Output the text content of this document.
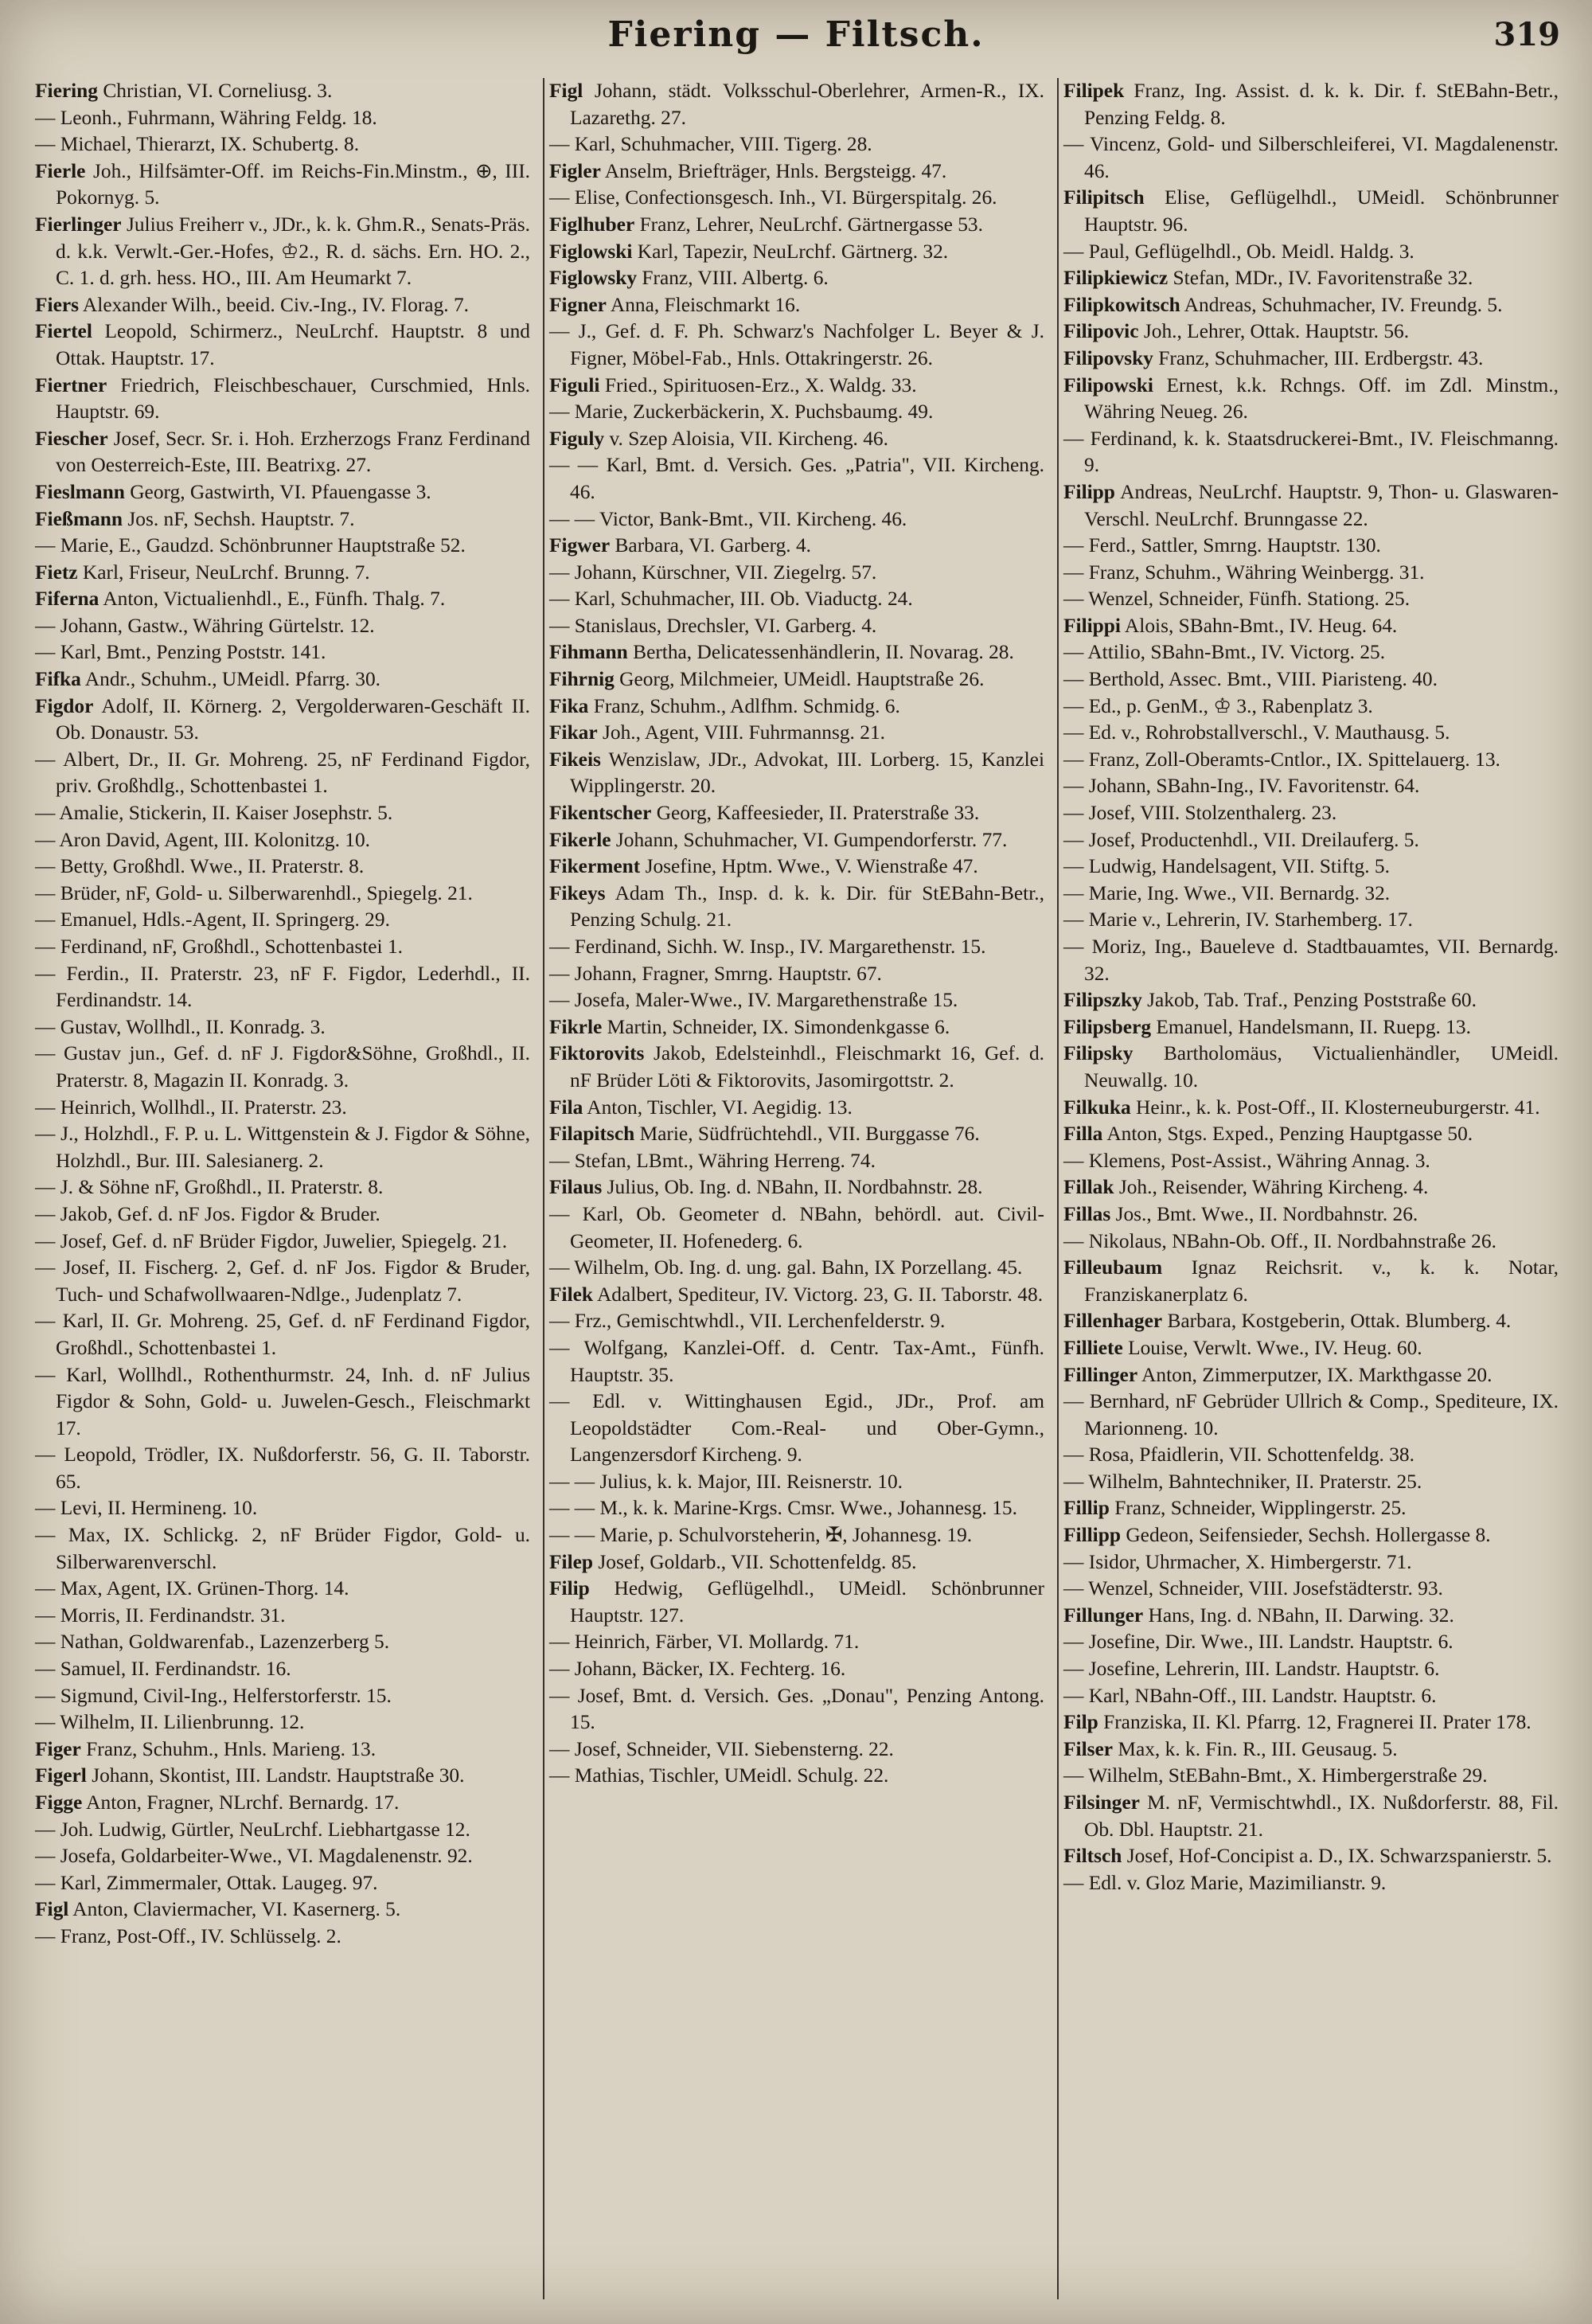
Fiering — Filtsch.	319

Fiering Christian, VI. Corneliusg. 3.

— Leonh., Fuhrmann, Währing Feldg. 18.

— Michael, Thierarzt, IX. Schubertg. 8.

Fierle Joh., Hilfsämter-Off. im Reichs-Fin.Minstm., ⊕, III. Pokornyg. 5.

Fierlinger Julius Freiherr v., JDr., k. k. Ghm.R., Senats-Präs. d. k.k. Verwlt.-Ger.-Hofes, ♔2., R. d. sächs. Ern. HO. 2., C. 1. d. grh. hess. HO., III. Am Heumarkt 7.

Fiers Alexander Wilh., beeid. Civ.-Ing., IV. Florag. 7.

Fiertel Leopold, Schirmerz., NeuLrchf. Hauptstr. 8 und Ottak. Hauptstr. 17.

Fiertner Friedrich, Fleischbeschauer, Curschmied, Hnls. Hauptstr. 69.

Fiescher Josef, Secr. Sr. i. Hoh. Erzherzogs Franz Ferdinand von Oesterreich-Este, III. Beatrixg. 27.

Fieslmann Georg, Gastwirth, VI. Pfauengasse 3.

Fießmann Jos. nF, Sechsh. Hauptstr. 7.

— Marie, E., Gaudzd. Schönbrunner Hauptstraße 52.

Fietz Karl, Friseur, NeuLrchf. Brunng. 7.

Fiferna Anton, Victualienhdl., E., Fünfh. Thalg. 7.

— Johann, Gastw., Währing Gürtelstr. 12.

— Karl, Bmt., Penzing Poststr. 141.

Fifka Andr., Schuhm., UMeidl. Pfarrg. 30.

Figdor Adolf, II. Körnerg. 2, Vergolderwaren-Geschäft II. Ob. Donaustr. 53.

— Albert, Dr., II. Gr. Mohreng. 25, nF Ferdinand Figdor, priv. Großhdlg., Schottenbastei 1.

— Amalie, Stickerin, II. Kaiser Josephstr. 5.

— Aron David, Agent, III. Kolonitzg. 10.

— Betty, Großhdl. Wwe., II. Praterstr. 8.

— Brüder, nF, Gold- u. Silberwarenhdl., Spiegelg. 21.

— Emanuel, Hdls.-Agent, II. Springerg. 29.

— Ferdinand, nF, Großhdl., Schottenbastei 1.

— Ferdin., II. Praterstr. 23, nF F. Figdor, Lederhdl., II. Ferdinandstr. 14.

— Gustav, Wollhdl., II. Konradg. 3.

— Gustav jun., Gef. d. nF J. Figdor&Söhne, Großhdl., II. Praterstr. 8, Magazin II. Konradg. 3.

— Heinrich, Wollhdl., II. Praterstr. 23.

— J., Holzhdl., F. P. u. L. Wittgenstein & J. Figdor & Söhne, Holzhdl., Bur. III. Salesianerg. 2.

— J. & Söhne nF, Großhdl., II. Praterstr. 8.

— Jakob, Gef. d. nF Jos. Figdor & Bruder.

— Josef, Gef. d. nF Brüder Figdor, Juwelier, Spiegelg. 21.

— Josef, II. Fischerg. 2, Gef. d. nF Jos. Figdor & Bruder, Tuch- und Schafwollwaaren-Ndlge., Judenplatz 7.

— Karl, II. Gr. Mohreng. 25, Gef. d. nF Ferdinand Figdor, Großhdl., Schottenbastei 1.

— Karl, Wollhdl., Rothenthurmstr. 24, Inh. d. nF Julius Figdor & Sohn, Gold- u. Juwelen-Gesch., Fleischmarkt 17.

— Leopold, Trödler, IX. Nußdorferstr. 56, G. II. Taborstr. 65.

— Levi, II. Hermineng. 10.

— Max, IX. Schlickg. 2, nF Brüder Figdor, Gold- u. Silberwarenverschl.

— Max, Agent, IX. Grünen-Thorg. 14.

— Morris, II. Ferdinandstr. 31.

— Nathan, Goldwarenfab., Lazenzerberg 5.

— Samuel, II. Ferdinandstr. 16.

— Sigmund, Civil-Ing., Helferstorferstr. 15.

— Wilhelm, II. Lilienbrunng. 12.

Figer Franz, Schuhm., Hnls. Marieng. 13.

Figerl Johann, Skontist, III. Landstr. Hauptstraße 30.

Figge Anton, Fragner, NLrchf. Bernardg. 17.

— Joh. Ludwig, Gürtler, NeuLrchf. Liebhartgasse 12.

— Josefa, Goldarbeiter-Wwe., VI. Magdalenenstr. 92.

— Karl, Zimmermaler, Ottak. Laugeg. 97.

Figl Anton, Claviermacher, VI. Kasernerg. 5.

— Franz, Post-Off., IV. Schlüsselg. 2.

Figl Johann, städt. Volksschul-Oberlehrer, Armen-R., IX. Lazarethg. 27.

— Karl, Schuhmacher, VIII. Tigerg. 28.

Figler Anselm, Briefträger, Hnls. Bergsteigg. 47.

— Elise, Confectionsgesch. Inh., VI. Bürgerspitalg. 26.

Figlhuber Franz, Lehrer, NeuLrchf. Gärtnergasse 53.

Figlowski Karl, Tapezir, NeuLrchf. Gärtnerg. 32.

Figlowsky Franz, VIII. Albertg. 6.

Figner Anna, Fleischmarkt 16.

— J., Gef. d. F. Ph. Schwarz's Nachfolger L. Beyer & J. Figner, Möbel-Fab., Hnls. Ottakringerstr. 26.

Figuli Fried., Spirituosen-Erz., X. Waldg. 33.

— Marie, Zuckerbäckerin, X. Puchsbaumg. 49.

Figuly v. Szep Aloisia, VII. Kircheng. 46.

— — Karl, Bmt. d. Versich. Ges. „Patria", VII. Kircheng. 46.

— — Victor, Bank-Bmt., VII. Kircheng. 46.

Figwer Barbara, VI. Garberg. 4.

— Johann, Kürschner, VII. Ziegelrg. 57.

— Karl, Schuhmacher, III. Ob. Viaductg. 24.

— Stanislaus, Drechsler, VI. Garberg. 4.

Fihmann Bertha, Delicatessenhändlerin, II. Novarag. 28.

Fihrnig Georg, Milchmeier, UMeidl. Hauptstraße 26.

Fika Franz, Schuhm., Adlfhm. Schmidg. 6.

Fikar Joh., Agent, VIII. Fuhrmannsg. 21.

Fikeis Wenzislaw, JDr., Advokat, III. Lorberg. 15, Kanzlei Wipplingerstr. 20.

Fikentscher Georg, Kaffeesieder, II. Praterstraße 33.

Fikerle Johann, Schuhmacher, VI. Gumpendorferstr. 77.

Fikerment Josefine, Hptm. Wwe., V. Wienstraße 47.

Fikeys Adam Th., Insp. d. k. k. Dir. für StEBahn-Betr., Penzing Schulg. 21.

— Ferdinand, Sichh. W. Insp., IV. Margarethenstr. 15.

— Johann, Fragner, Smrng. Hauptstr. 67.

— Josefa, Maler-Wwe., IV. Margarethenstraße 15.

Fikrle Martin, Schneider, IX. Simondenkgasse 6.

Fiktorovits Jakob, Edelsteinhdl., Fleischmarkt 16, Gef. d. nF Brüder Löti & Fiktorovits, Jasomirgottstr. 2.

Fila Anton, Tischler, VI. Aegidig. 13.

Filapitsch Marie, Südfrüchtehdl., VII. Burggasse 76.

— Stefan, LBmt., Währing Herreng. 74.

Filaus Julius, Ob. Ing. d. NBahn, II. Nordbahnstr. 28.

— Karl, Ob. Geometer d. NBahn, behördl. aut. Civil-Geometer, II. Hofenederg. 6.

— Wilhelm, Ob. Ing. d. ung. gal. Bahn, IX Porzellang. 45.

Filek Adalbert, Spediteur, IV. Victorg. 23, G. II. Taborstr. 48.

— Frz., Gemischtwhdl., VII. Lerchenfelderstr. 9.

— Wolfgang, Kanzlei-Off. d. Centr. Tax-Amt., Fünfh. Hauptstr. 35.

— Edl. v. Wittinghausen Egid., JDr., Prof. am Leopoldstädter Com.-Real- und Ober-Gymn., Langenzersdorf Kircheng. 9.

— — Julius, k. k. Major, III. Reisnerstr. 10.

— — M., k. k. Marine-Krgs. Cmsr. Wwe., Johannesg. 15.

— — Marie, p. Schulvorsteherin, ✠, Johannesg. 19.

Filep Josef, Goldarb., VII. Schottenfeldg. 85.

Filip Hedwig, Geflügelhdl., UMeidl. Schönbrunner Hauptstr. 127.

— Heinrich, Färber, VI. Mollardg. 71.

— Johann, Bäcker, IX. Fechterg. 16.

— Josef, Bmt. d. Versich. Ges. „Donau", Penzing Antong. 15.

— Josef, Schneider, VII. Siebensterng. 22.

— Mathias, Tischler, UMeidl. Schulg. 22.

Filipek Franz, Ing. Assist. d. k. k. Dir. f. StEBahn-Betr., Penzing Feldg. 8.

— Vincenz, Gold- und Silberschleiferei, VI. Magdalenenstr. 46.

Filipitsch Elise, Geflügelhdl., UMeidl. Schönbrunner Hauptstr. 96.

— Paul, Geflügelhdl., Ob. Meidl. Haldg. 3.

Filipkiewicz Stefan, MDr., IV. Favoritenstraße 32.

Filipkowitsch Andreas, Schuhmacher, IV. Freundg. 5.

Filipovic Joh., Lehrer, Ottak. Hauptstr. 56.

Filipovsky Franz, Schuhmacher, III. Erdbergstr. 43.

Filipowski Ernest, k.k. Rchngs. Off. im Zdl. Minstm., Währing Neueg. 26.

— Ferdinand, k. k. Staatsdruckerei-Bmt., IV. Fleischmanng. 9.

Filipp Andreas, NeuLrchf. Hauptstr. 9, Thon- u. Glaswaren-Verschl. NeuLrchf. Brunngasse 22.

— Ferd., Sattler, Smrng. Hauptstr. 130.

— Franz, Schuhm., Währing Weinbergg. 31.

— Wenzel, Schneider, Fünfh. Stationg. 25.

Filippi Alois, SBahn-Bmt., IV. Heug. 64.

— Attilio, SBahn-Bmt., IV. Victorg. 25.

— Berthold, Assec. Bmt., VIII. Piaristeng. 40.

— Ed., p. GenM., ♔ 3., Rabenplatz 3.

— Ed. v., Rohrobstallverschl., V. Mauthausg. 5.

— Franz, Zoll-Oberamts-Cntlor., IX. Spittelauerg. 13.

— Johann, SBahn-Ing., IV. Favoritenstr. 64.

— Josef, VIII. Stolzenthalerg. 23.

— Josef, Productenhdl., VII. Dreilauferg. 5.

— Ludwig, Handelsagent, VII. Stiftg. 5.

— Marie, Ing. Wwe., VII. Bernardg. 32.

— Marie v., Lehrerin, IV. Starhemberg. 17.

— Moriz, Ing., Baueleve d. Stadtbauamtes, VII. Bernardg. 32.

Filipszky Jakob, Tab. Traf., Penzing Poststraße 60.

Filipsberg Emanuel, Handelsmann, II. Ruepg. 13.

Filipsky Bartholomäus, Victualienhändler, UMeidl. Neuwallg. 10.

Filkuka Heinr., k. k. Post-Off., II. Klosterneuburgerstr. 41.

Filla Anton, Stgs. Exped., Penzing Hauptgasse 50.

— Klemens, Post-Assist., Währing Annag. 3.

Fillak Joh., Reisender, Währing Kircheng. 4.

Fillas Jos., Bmt. Wwe., II. Nordbahnstr. 26.

— Nikolaus, NBahn-Ob. Off., II. Nordbahnstraße 26.

Filleubaum Ignaz Reichsrit. v., k. k. Notar, Franziskanerplatz 6.

Fillenhager Barbara, Kostgeberin, Ottak. Blumberg. 4.

Filliete Louise, Verwlt. Wwe., IV. Heug. 60.

Fillinger Anton, Zimmerputzer, IX. Markthgasse 20.

— Bernhard, nF Gebrüder Ullrich & Comp., Spediteure, IX. Marionneng. 10.

— Rosa, Pfaidlerin, VII. Schottenfeldg. 38.

— Wilhelm, Bahntechniker, II. Praterstr. 25.

Fillip Franz, Schneider, Wipplingerstr. 25.

Fillipp Gedeon, Seifensieder, Sechsh. Hollergasse 8.

— Isidor, Uhrmacher, X. Himbergerstr. 71.

— Wenzel, Schneider, VIII. Josefstädterstr. 93.

Fillunger Hans, Ing. d. NBahn, II. Darwing. 32.

— Josefine, Dir. Wwe., III. Landstr. Hauptstr. 6.

— Josefine, Lehrerin, III. Landstr. Hauptstr. 6.

— Karl, NBahn-Off., III. Landstr. Hauptstr. 6.

Filp Franziska, II. Kl. Pfarrg. 12, Fragnerei II. Prater 178.

Filser Max, k. k. Fin. R., III. Geusaug. 5.

— Wilhelm, StEBahn-Bmt., X. Himbergerstraße 29.

Filsinger M. nF, Vermischtwhdl., IX. Nußdorferstr. 88, Fil. Ob. Dbl. Hauptstr. 21.

Filtsch Josef, Hof-Concipist a. D., IX. Schwarzspanierstr. 5.

— Edl. v. Gloz Marie, Mazimilianstr. 9.
